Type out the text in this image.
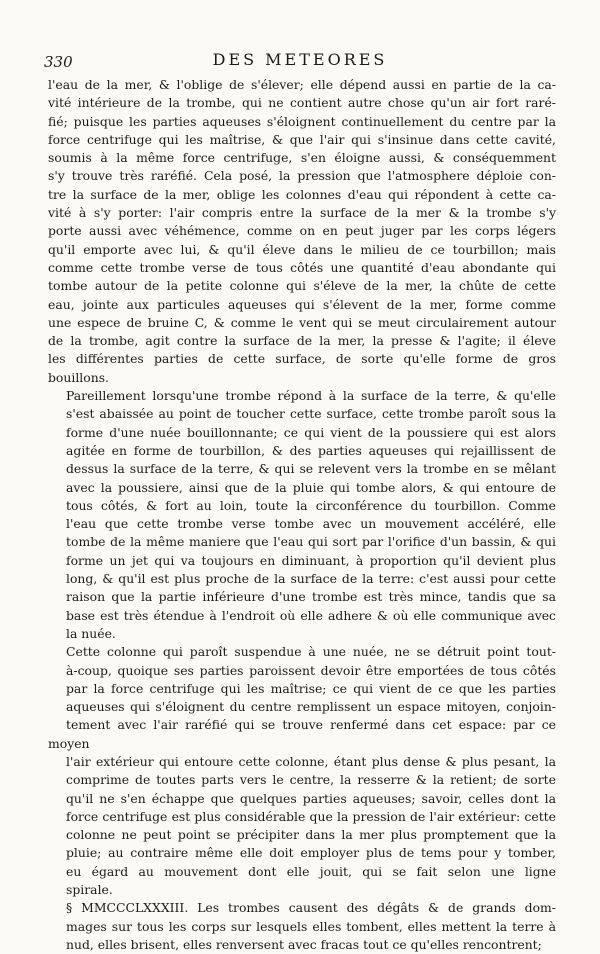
330	DES METEORES

l'eau de la mer, & l'oblige de s'élever; elle dépend aussi en partie de la ca-
vité intérieure de la trombe, qui ne contient autre chose qu'un air fort raré-
fié; puisque les parties aqueuses s'éloignent continuellement du centre par la
force centrifuge qui les maîtrise, & que l'air qui s'insinue dans cette cavité,
soumis à la même force centrifuge, s'en éloigne aussi, & conséquemment
s'y trouve très raréfié. Cela posé, la pression que l'atmosphere déploie con-
tre la surface de la mer, oblige les colonnes d'eau qui répondent à cette ca-
vité à s'y porter: l'air compris entre la surface de la mer & la trombe s'y
porte aussi avec véhémence, comme on en peut juger par les corps légers
qu'il emporte avec lui, & qu'il éleve dans le milieu de ce tourbillon; mais
comme cette trombe verse de tous côtés une quantité d'eau abondante qui
tombe autour de la petite colonne qui s'éleve de la mer, la chûte de cette
eau, jointe aux particules aqueuses qui s'élevent de la mer, forme comme
une espece de bruine C, & comme le vent qui se meut circulairement autour
de la trombe, agit contre la surface de la mer, la presse & l'agite; il éleve
les différentes parties de cette surface, de sorte qu'elle forme de gros
bouillons.

Pareillement lorsqu'une trombe répond à la surface de la terre, & qu'elle
s'est abaissée au point de toucher cette surface, cette trombe paroît sous la
forme d'une nuée bouillonnante; ce qui vient de la poussiere qui est alors
agitée en forme de tourbillon, & des parties aqueuses qui rejaillissent de
dessus la surface de la terre, & qui se relevent vers la trombe en se mêlant
avec la poussiere, ainsi que de la pluie qui tombe alors, & qui entoure de
tous côtés, & fort au loin, toute la circonférence du tourbillon. Comme
l'eau que cette trombe verse tombe avec un mouvement accéléré, elle
tombe de la même maniere que l'eau qui sort par l'orifice d'un bassin, & qui
forme un jet qui va toujours en diminuant, à proportion qu'il devient plus
long, & qu'il est plus proche de la surface de la terre: c'est aussi pour cette
raison que la partie inférieure d'une trombe est très mince, tandis que sa
base est très étendue à l'endroit où elle adhere & où elle communique avec
la nuée.

Cette colonne qui paroît suspendue à une nuée, ne se détruit point tout-
à-coup, quoique ses parties paroissent devoir être emportées de tous côtés
par la force centrifuge qui les maîtrise; ce qui vient de ce que les parties
aqueuses qui s'éloignent du centre remplissent un espace mitoyen, conjoin-
tement avec l'air raréfié qui se trouve renfermé dans cet espace: par ce moyen
l'air extérieur qui entoure cette colonne, étant plus dense & plus pesant, la
comprime de toutes parts vers le centre, la resserre & la retient; de sorte
qu'il ne s'en échappe que quelques parties aqueuses; savoir, celles dont la
force centrifuge est plus considérable que la pression de l'air extérieur: cette
colonne ne peut point se précipiter dans la mer plus promptement que la
pluie; au contraire même elle doit employer plus de tems pour y tomber,
eu égard au mouvement dont elle jouit, qui se fait selon une ligne
spirale.

§ MMCCCLXXXIII. Les trombes causent des dégâts & de grands dom-
mages sur tous les corps sur lesquels elles tombent, elles mettent la terre à
nud, elles brisent, elles renversent avec fracas tout ce qu'elles rencontrent;
